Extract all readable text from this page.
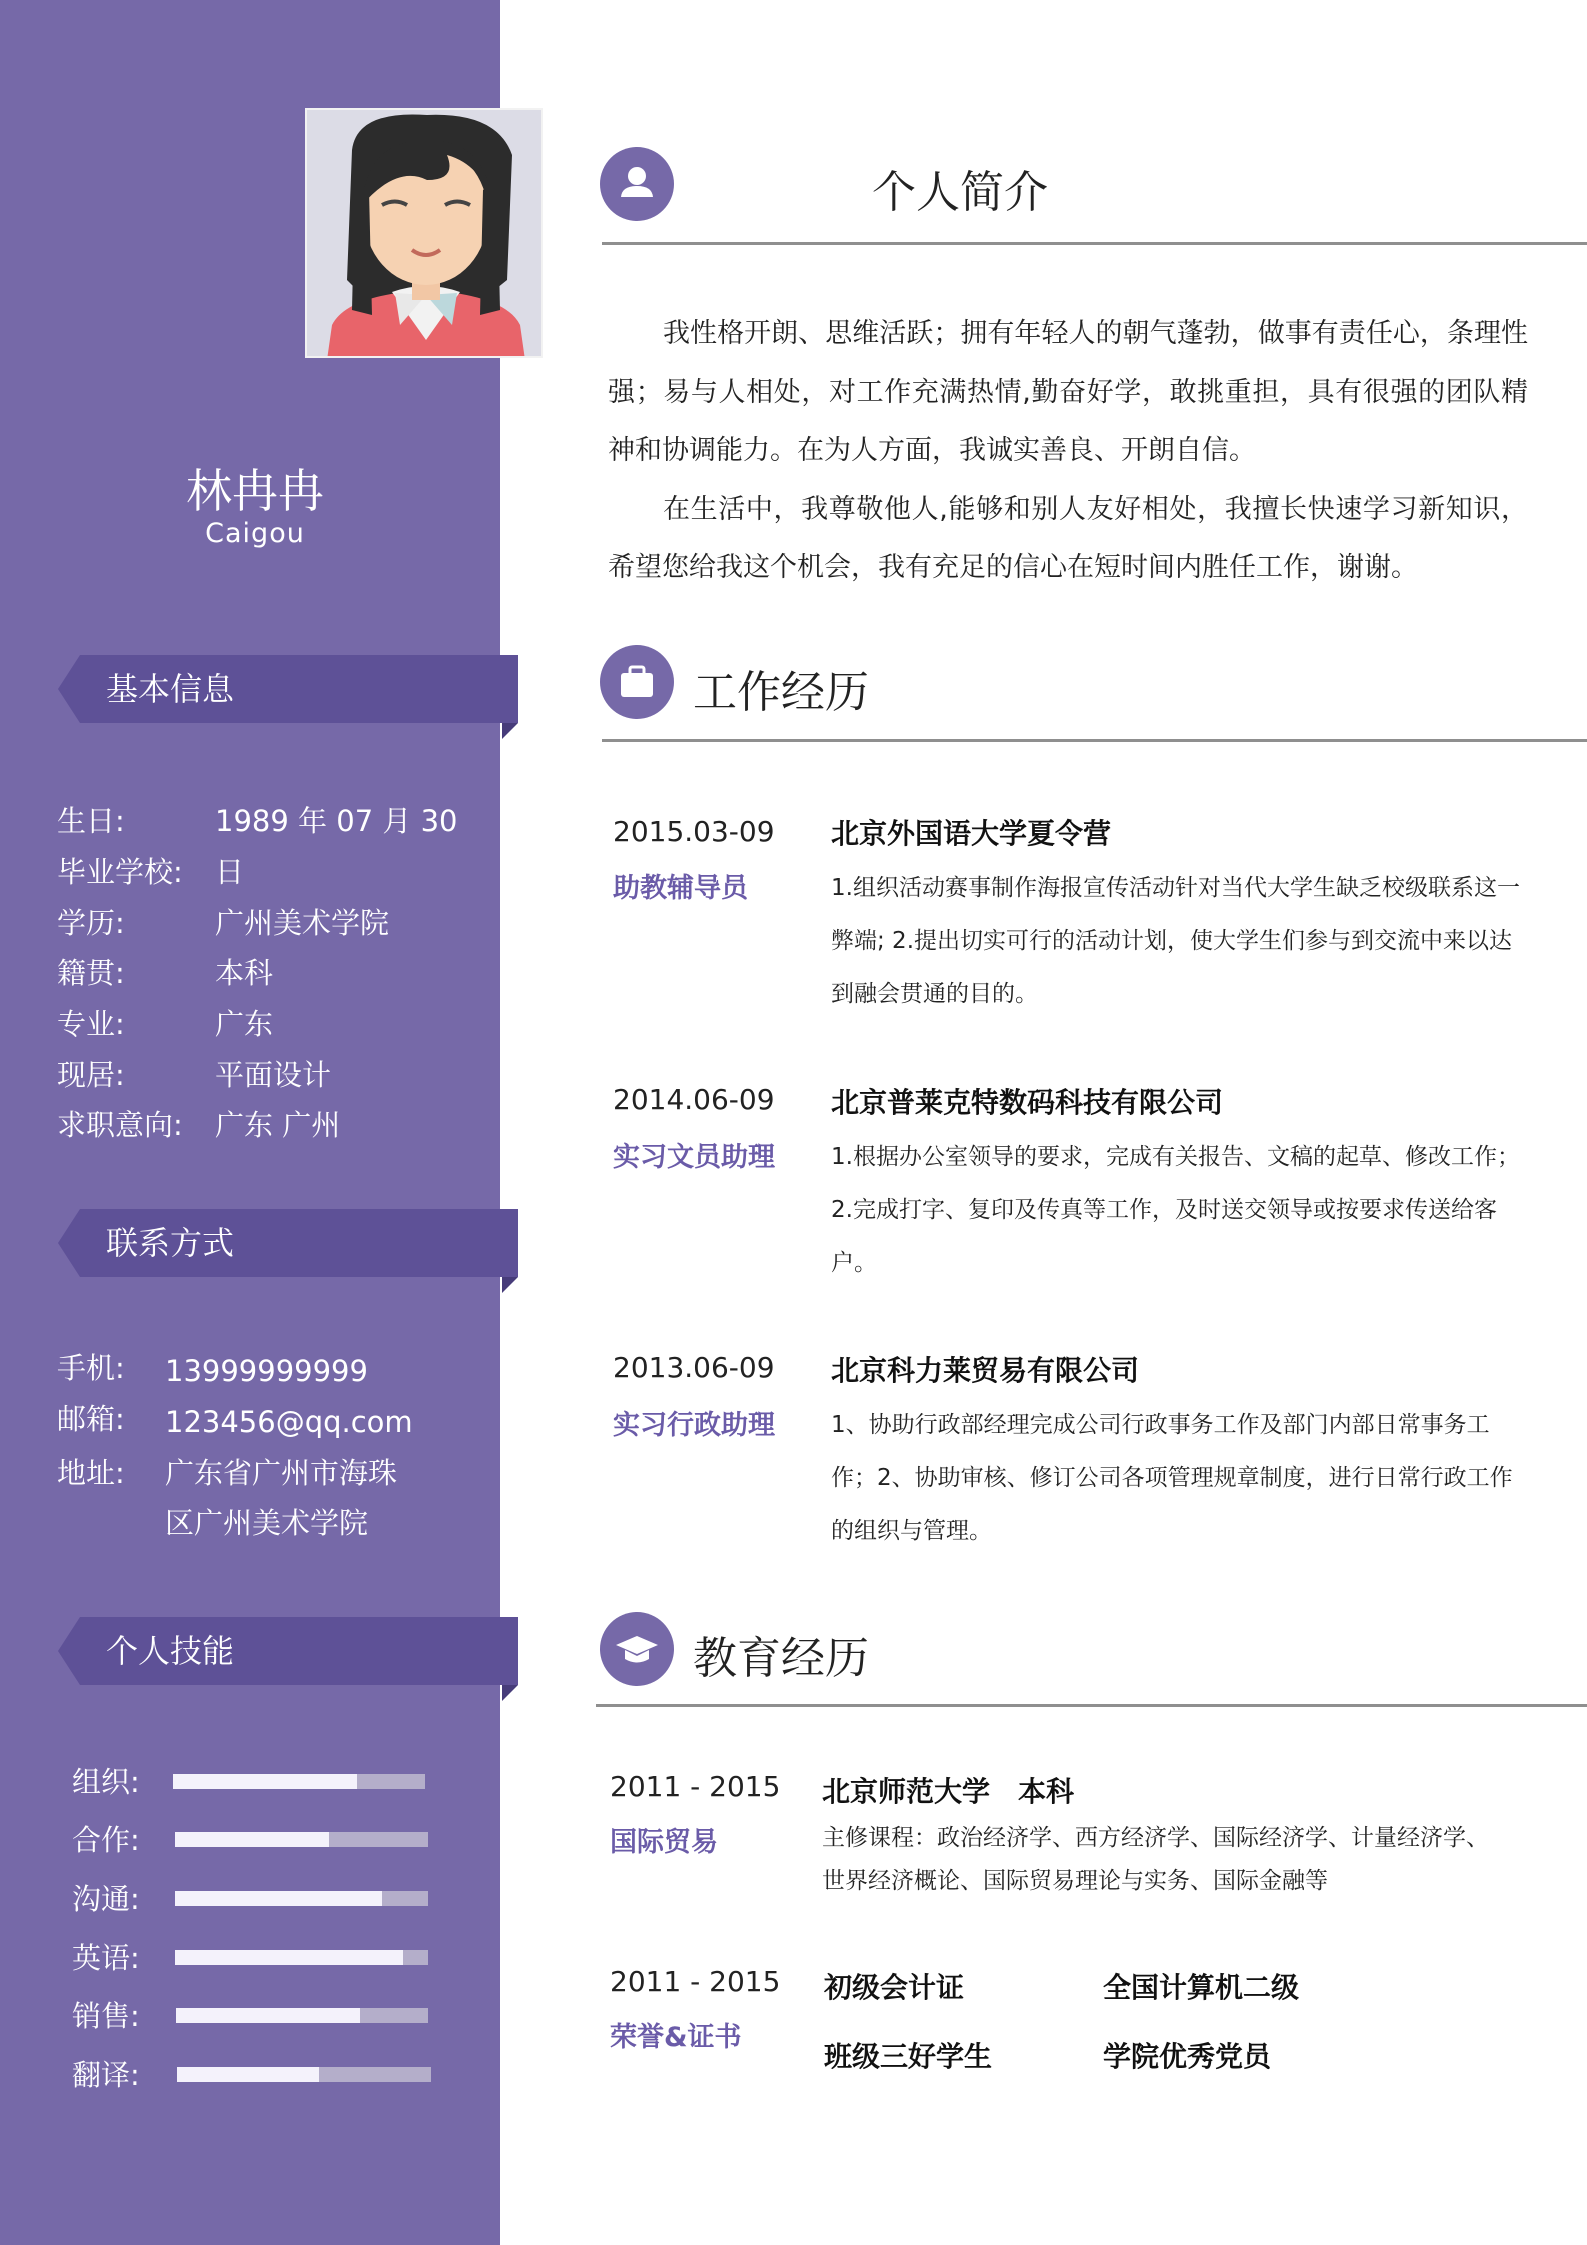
林冉冉
Caigou
基本信息
生日:	1989 年 07 月 30
毕业学校: 日
学历:	广州美术学院
籍贯:	本科
专业:	广东
现居:	平面设计
求职意向: 广东 广州
联系方式
手机: 13999999999
邮箱: 123456@qq.com
地址: 广东省广州市海珠区广州美术学院
个人技能
组织:
合作:
沟通:
英语:
销售:
翻译:
个人简介

我性格开朗、思维活跃；拥有年轻人的朝气蓬勃，做事有责任心，条理性强；易与人相处，对工作充满热情,勤奋好学，敢挑重担，具有很强的团队精神和协调能力。在为人方面，我诚实善良、开朗自信。

在生活中，我尊敬他人,能够和别人友好相处，我擅长快速学习新知识，希望您给我这个机会，我有充足的信心在短时间内胜任工作，谢谢。

工作经历
2015.03-09
助教辅导员
北京外国语大学夏令营
1.组织活动赛事制作海报宣传活动针对当代大学生缺乏校级联系这一弊端; 2.提出切实可行的活动计划，使大学生们参与到交流中来以达到融会贯通的目的。
2014.06-09
实习文员助理
北京普莱克特数码科技有限公司
1.根据办公室领导的要求，完成有关报告、文稿的起草、修改工作；2.完成打字、复印及传真等工作，及时送交领导或按要求传送给客户。
2013.06-09
实习行政助理
北京科力莱贸易有限公司
1、协助行政部经理完成公司行政事务工作及部门内部日常事务工作；2、协助审核、修订公司各项管理规章制度，进行日常行政工作的组织与管理。
教育经历
2011 - 2015
国际贸易
北京师范大学 本科
主修课程：政治经济学、西方经济学、国际经济学、计量经济学、世界经济概论、国际贸易理论与实务、国际金融等
2011 - 2015
荣誉&证书
初级会计证	全国计算机二级
班级三好学生	学院优秀党员
